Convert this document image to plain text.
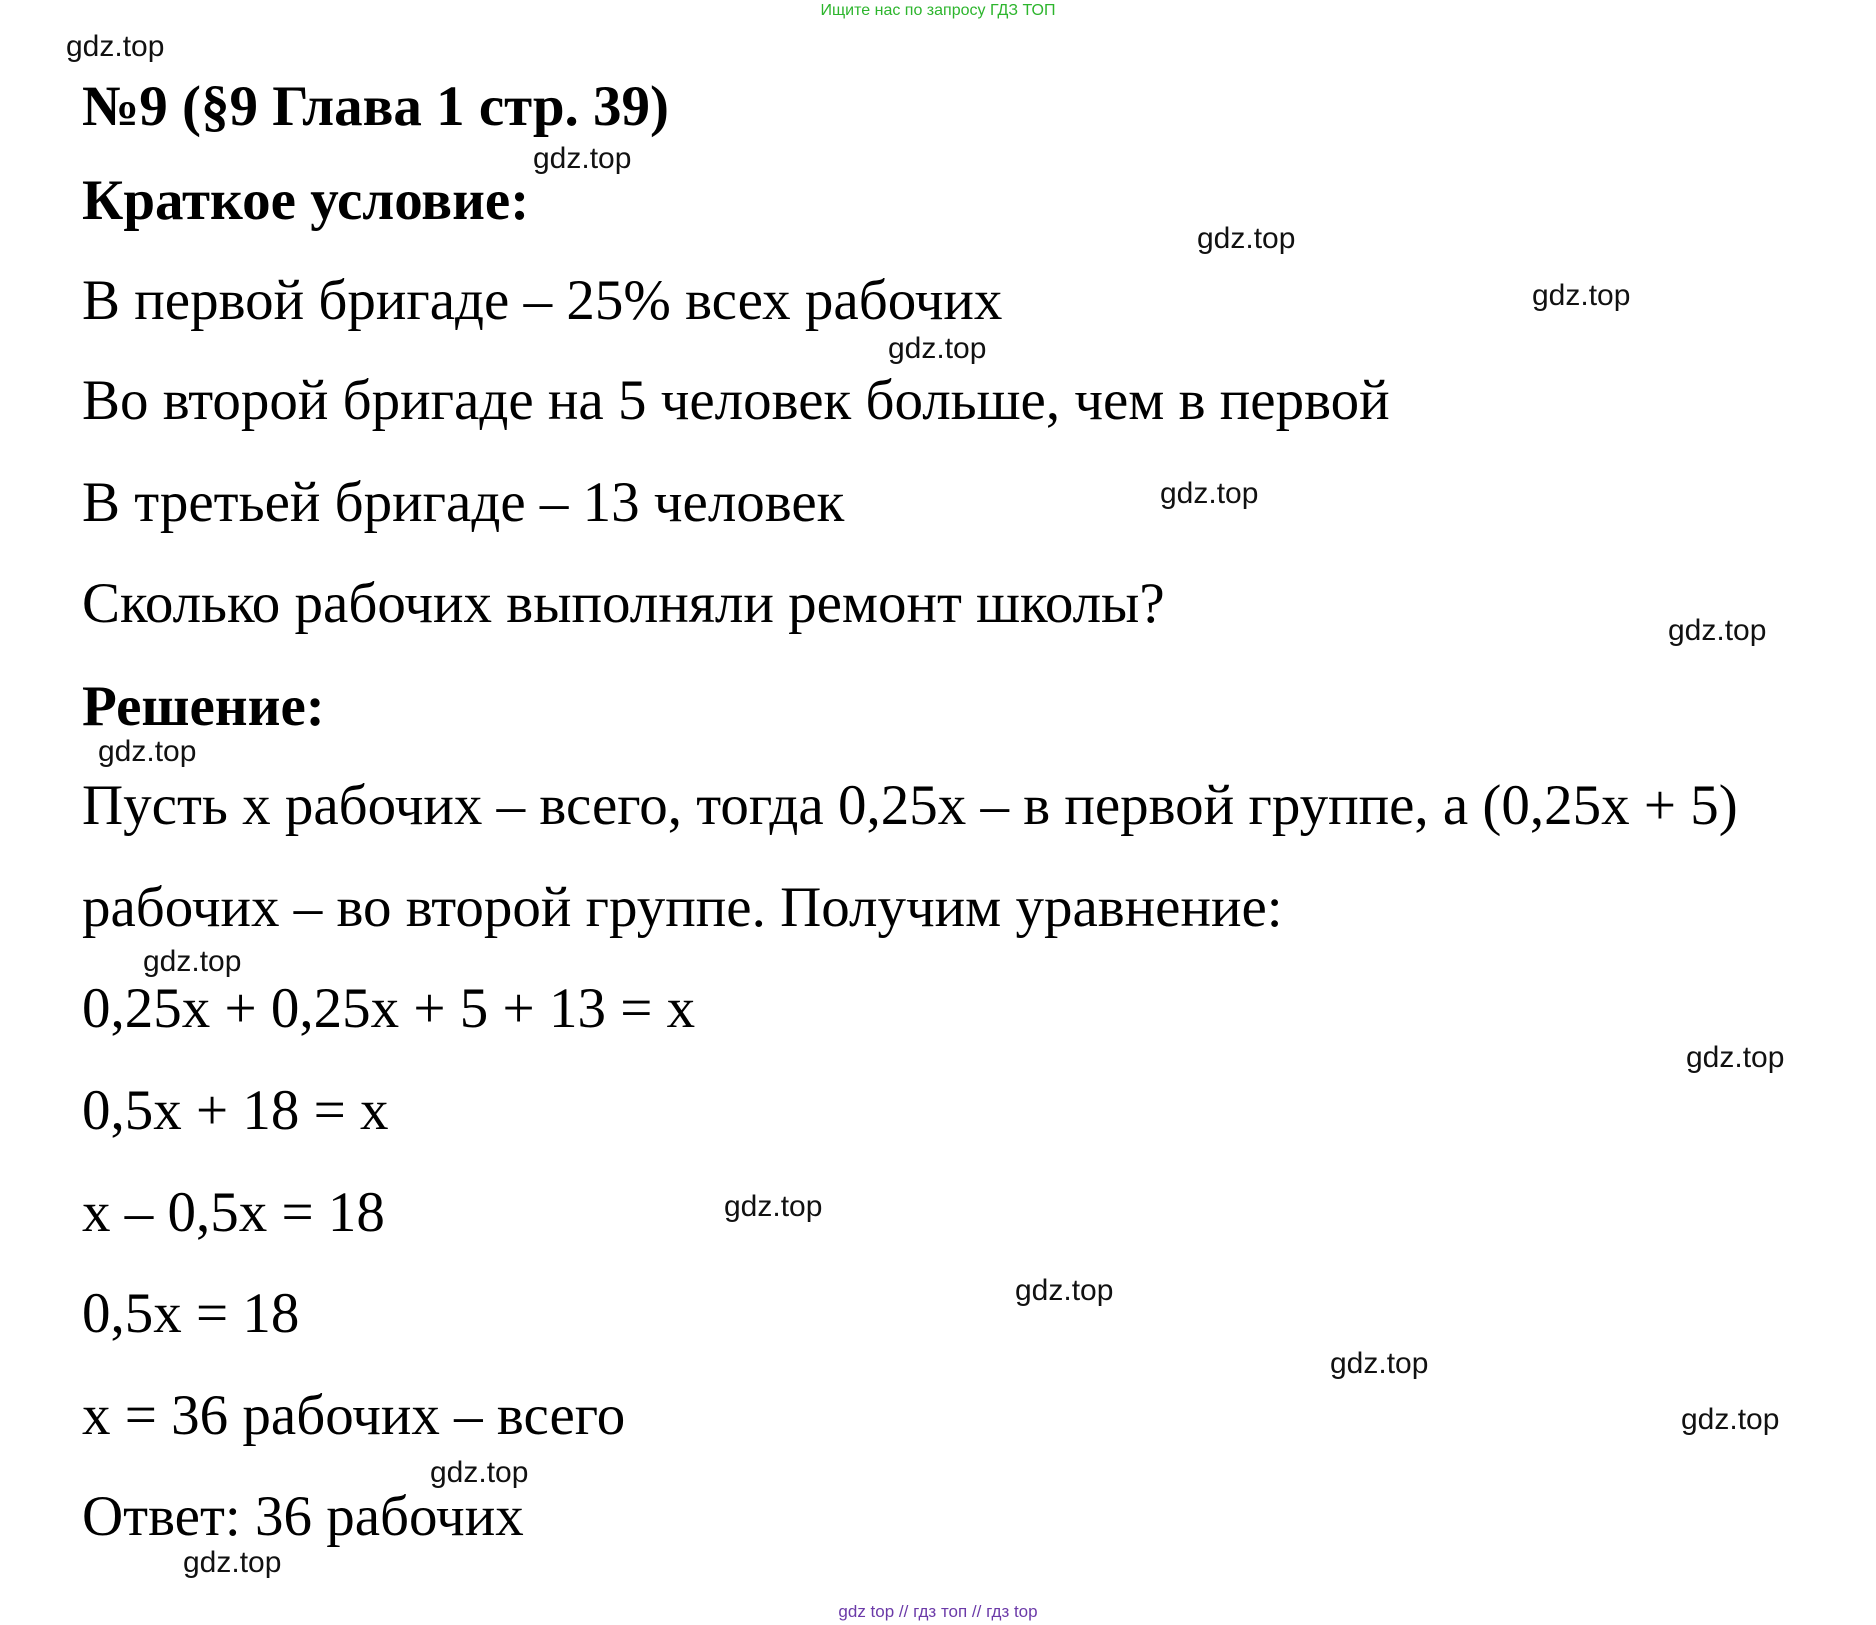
Ищите нас по запросу ГДЗ ТОП
№9 (§9 Глава 1 стр. 39)
Краткое условие:
В первой бригаде – 25% всех рабочих
Во второй бригаде на 5 человек больше, чем в первой
В третьей бригаде – 13 человек
Сколько рабочих выполняли ремонт школы?
Решение:
Пусть x рабочих – всего, тогда 0,25x – в первой группе, а (0,25x + 5)
рабочих – во второй группе. Получим уравнение:
0,25x + 0,25x + 5 + 13 = x
0,5x + 18 = x
x – 0,5x = 18
0,5x = 18
x = 36 рабочих – всего
Ответ: 36 рабочих
gdz.top
gdz.top
gdz.top
gdz.top
gdz.top
gdz.top
gdz.top
gdz.top
gdz.top
gdz.top
gdz.top
gdz.top
gdz.top
gdz.top
gdz.top
gdz.top
gdz top // гдз топ // гдз top
